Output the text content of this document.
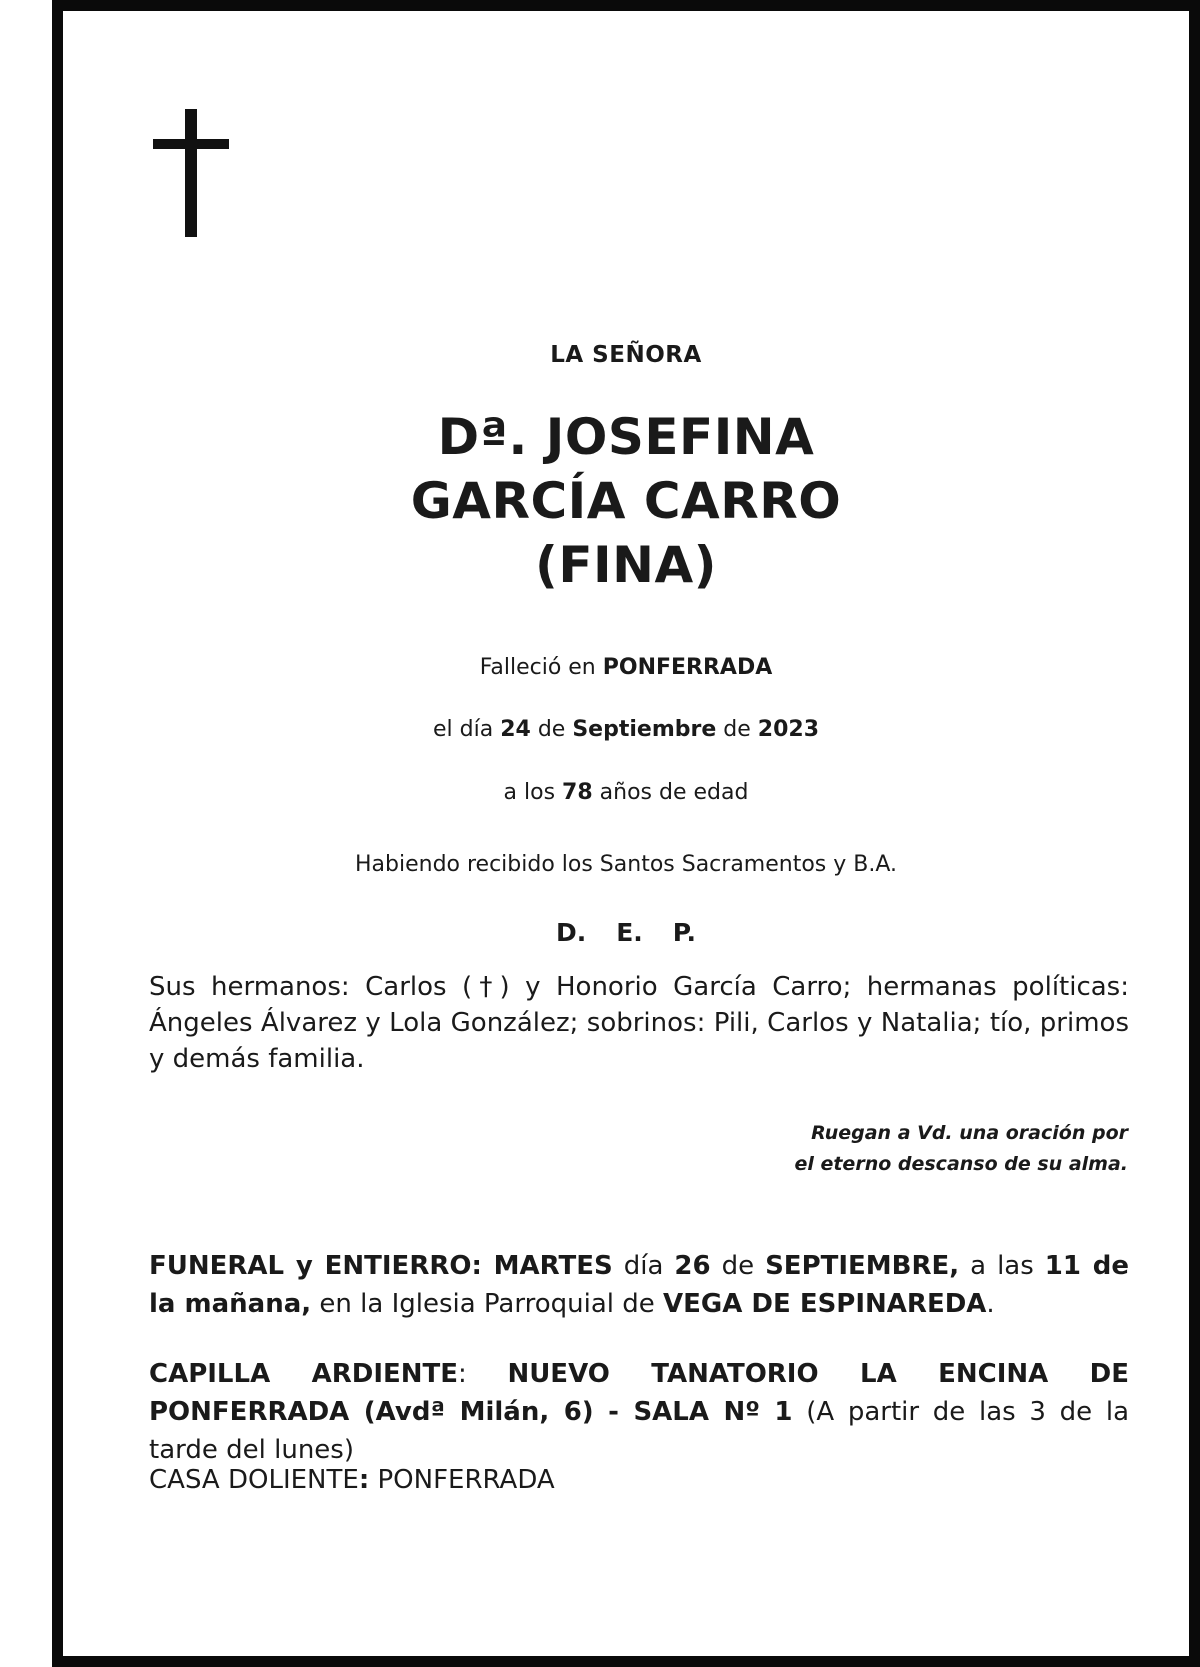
LA SEÑORA
Dª. JOSEFINA
GARCÍA CARRO
(FINA)
Falleció en PONFERRADA
el día 24 de Septiembre de 2023
a los 78 años de edad
Habiendo recibido los Santos Sacramentos y B.A.
D. E. P.
Sus hermanos: Carlos (†) y Honorio García Carro; hermanas políticas: Ángeles Álvarez y Lola González; sobrinos: Pili, Carlos y Natalia; tío, primos y demás familia.
Ruegan a Vd. una oración por
el eterno descanso de su alma.
FUNERAL y ENTIERRO: MARTES día 26 de SEPTIEMBRE, a las 11 de la mañana, en la Iglesia Parroquial de VEGA DE ESPINAREDA.
CAPILLA ARDIENTE: NUEVO TANATORIO LA ENCINA DE PONFERRADA (Avdª Milán, 6) - SALA Nº 1 (A partir de las 3 de la tarde del lunes)
CASA DOLIENTE: PONFERRADA
